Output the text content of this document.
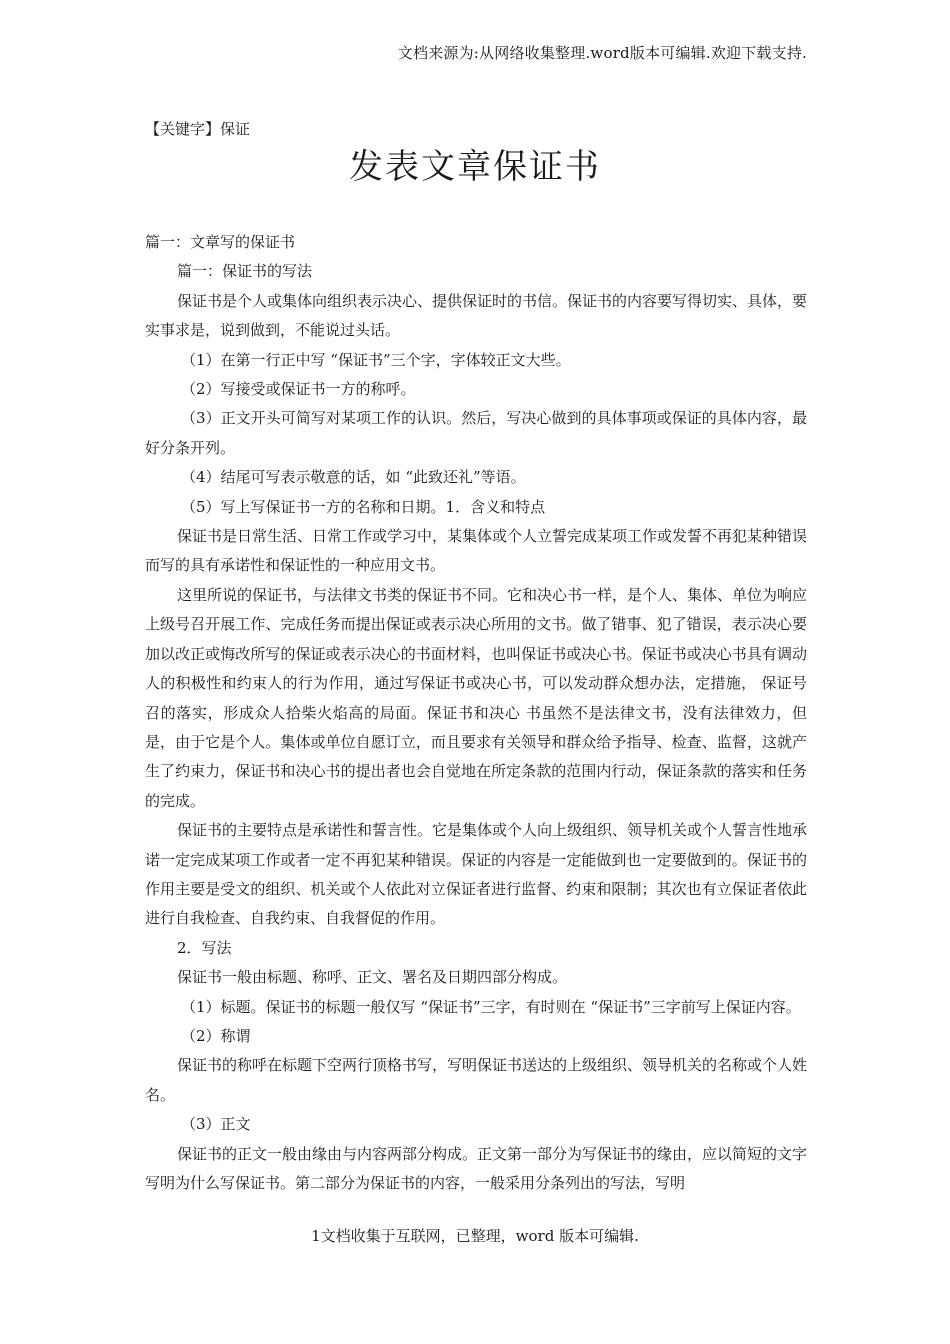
文档来源为:从网络收集整理.word版本可编辑.欢迎下载支持.
【关键字】保证
发表文章保证书

篇一：文章写的保证书

篇一：保证书的写法

保证书是个人或集体向组织表示决心、提供保证时的书信。保证书的内容要写得切实、具体，要实事求是，说到做到，不能说过头话。

（1）在第一行正中写 “保证书”三个字，字体较正文大些。

（2）写接受或保证书一方的称呼。

（3）正文开头可简写对某项工作的认识。然后，写决心做到的具体事项或保证的具体内容，最好分条开列。

（4）结尾可写表示敬意的话，如 “此致还礼”等语。

（5）写上写保证书一方的名称和日期。1．含义和特点

保证书是日常生活、日常工作或学习中，某集体或个人立誓完成某项工作或发誓不再犯某种错误而写的具有承诺性和保证性的一种应用文书。

这里所说的保证书，与法律文书类的保证书不同。它和决心书一样，是个人、集体、单位为响应上级号召开展工作、完成任务而提出保证或表示决心所用的文书。做了错事、犯了错误，表示决心要加以改正或悔改所写的保证或表示决心的书面材料，也叫保证书或决心书。保证书或决心书具有调动人的积极性和约束人的行为作用，通过写保证书或决心书，可以发动群众想办法，定措施， 保证号召的落实，形成众人拾柴火焰高的局面。保证书和决心 书虽然不是法律文书，没有法律效力，但是，由于它是个人。集体或单位自愿订立，而且要求有关领导和群众给予指导、检查、监督，这就产生了约束力，保证书和决心书的提出者也会自觉地在所定条款的范围内行动，保证条款的落实和任务的完成。

保证书的主要特点是承诺性和誓言性。它是集体或个人向上级组织、领导机关或个人誓言性地承诺一定完成某项工作或者一定不再犯某种错误。保证的内容是一定能做到也一定要做到的。保证书的作用主要是受文的组织、机关或个人依此对立保证者进行监督、约束和限制；其次也有立保证者依此进行自我检查、自我约束、自我督促的作用。

2．写法

保证书一般由标题、称呼、正文、署名及日期四部分构成。

（1）标题。保证书的标题一般仅写 “保证书”三字，有时则在 “保证书”三字前写上保证内容。

（2）称谓

保证书的称呼在标题下空两行顶格书写，写明保证书送达的上级组织、领导机关的名称或个人姓名。

（3）正文

保证书的正文一般由缘由与内容两部分构成。正文第一部分为写保证书的缘由，应以简短的文字写明为什么写保证书。第二部分为保证书的内容，一般采用分条列出的写法，写明

1文档收集于互联网，已整理，word 版本可编辑.
